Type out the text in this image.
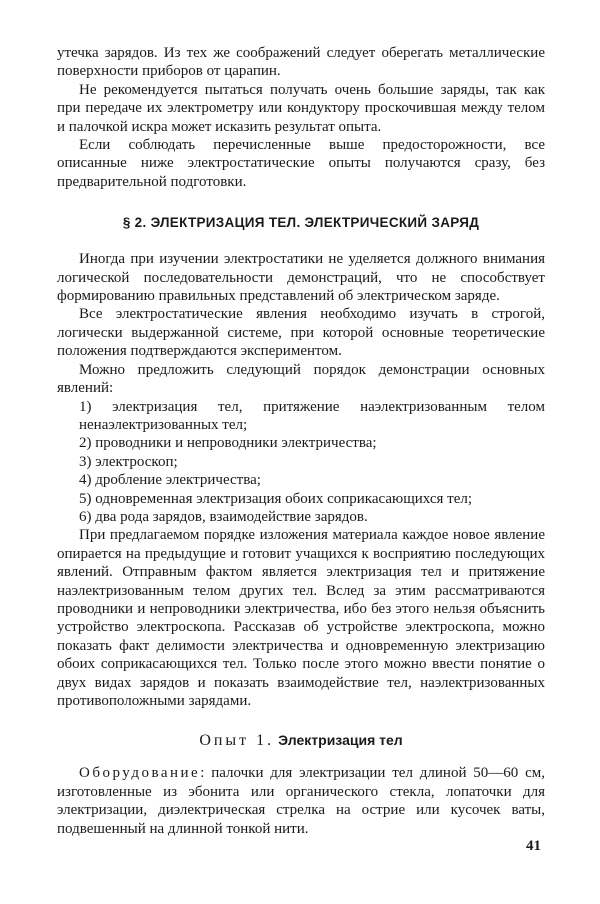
утечка зарядов. Из тех же соображений следует оберегать металлические поверхности приборов от царапин.

Не рекомендуется пытаться получать очень большие заряды, так как при передаче их электрометру или кондуктору проскочившая между телом и палочкой искра может исказить результат опыта.

Если соблюдать перечисленные выше предосторожности, все описанные ниже электростатические опыты получаются сразу, без предварительной подготовки.

§ 2. ЭЛЕКТРИЗАЦИЯ ТЕЛ. ЭЛЕКТРИЧЕСКИЙ ЗАРЯД

Иногда при изучении электростатики не уделяется должного внимания логической последовательности демонстраций, что не способствует формированию правильных представлений об электрическом заряде.

Все электростатические явления необходимо изучать в строгой, логически выдержанной системе, при которой основные теоретические положения подтверждаются экспериментом.

Можно предложить следующий порядок демонстрации основных явлений:

1) электризация тел, притяжение наэлектризованным телом ненаэлектризованных тел;
2) проводники и непроводники электричества;
3) электроскоп;
4) дробление электричества;
5) одновременная электризация обоих соприкасающихся тел;
6) два рода зарядов, взаимодействие зарядов.

При предлагаемом порядке изложения материала каждое новое явление опирается на предыдущие и готовит учащихся к восприятию последующих явлений. Отправным фактом является электризация тел и притяжение наэлектризованным телом других тел. Вслед за этим рассматриваются проводники и непроводники электричества, ибо без этого нельзя объяснить устройство электроскопа. Рассказав об устройстве электроскопа, можно показать факт делимости электричества и одновременную электризацию обоих соприкасающихся тел. Только после этого можно ввести понятие о двух видах зарядов и показать взаимодействие тел, наэлектризованных противоположными зарядами.

Опыт 1. Электризация тел

Оборудование: палочки для электризации тел длиной 50—60 см, изготовленные из эбонита или органического стекла, лопаточки для электризации, диэлектрическая стрелка на острие или кусочек ваты, подвешенный на длинной тонкой нити.

41
